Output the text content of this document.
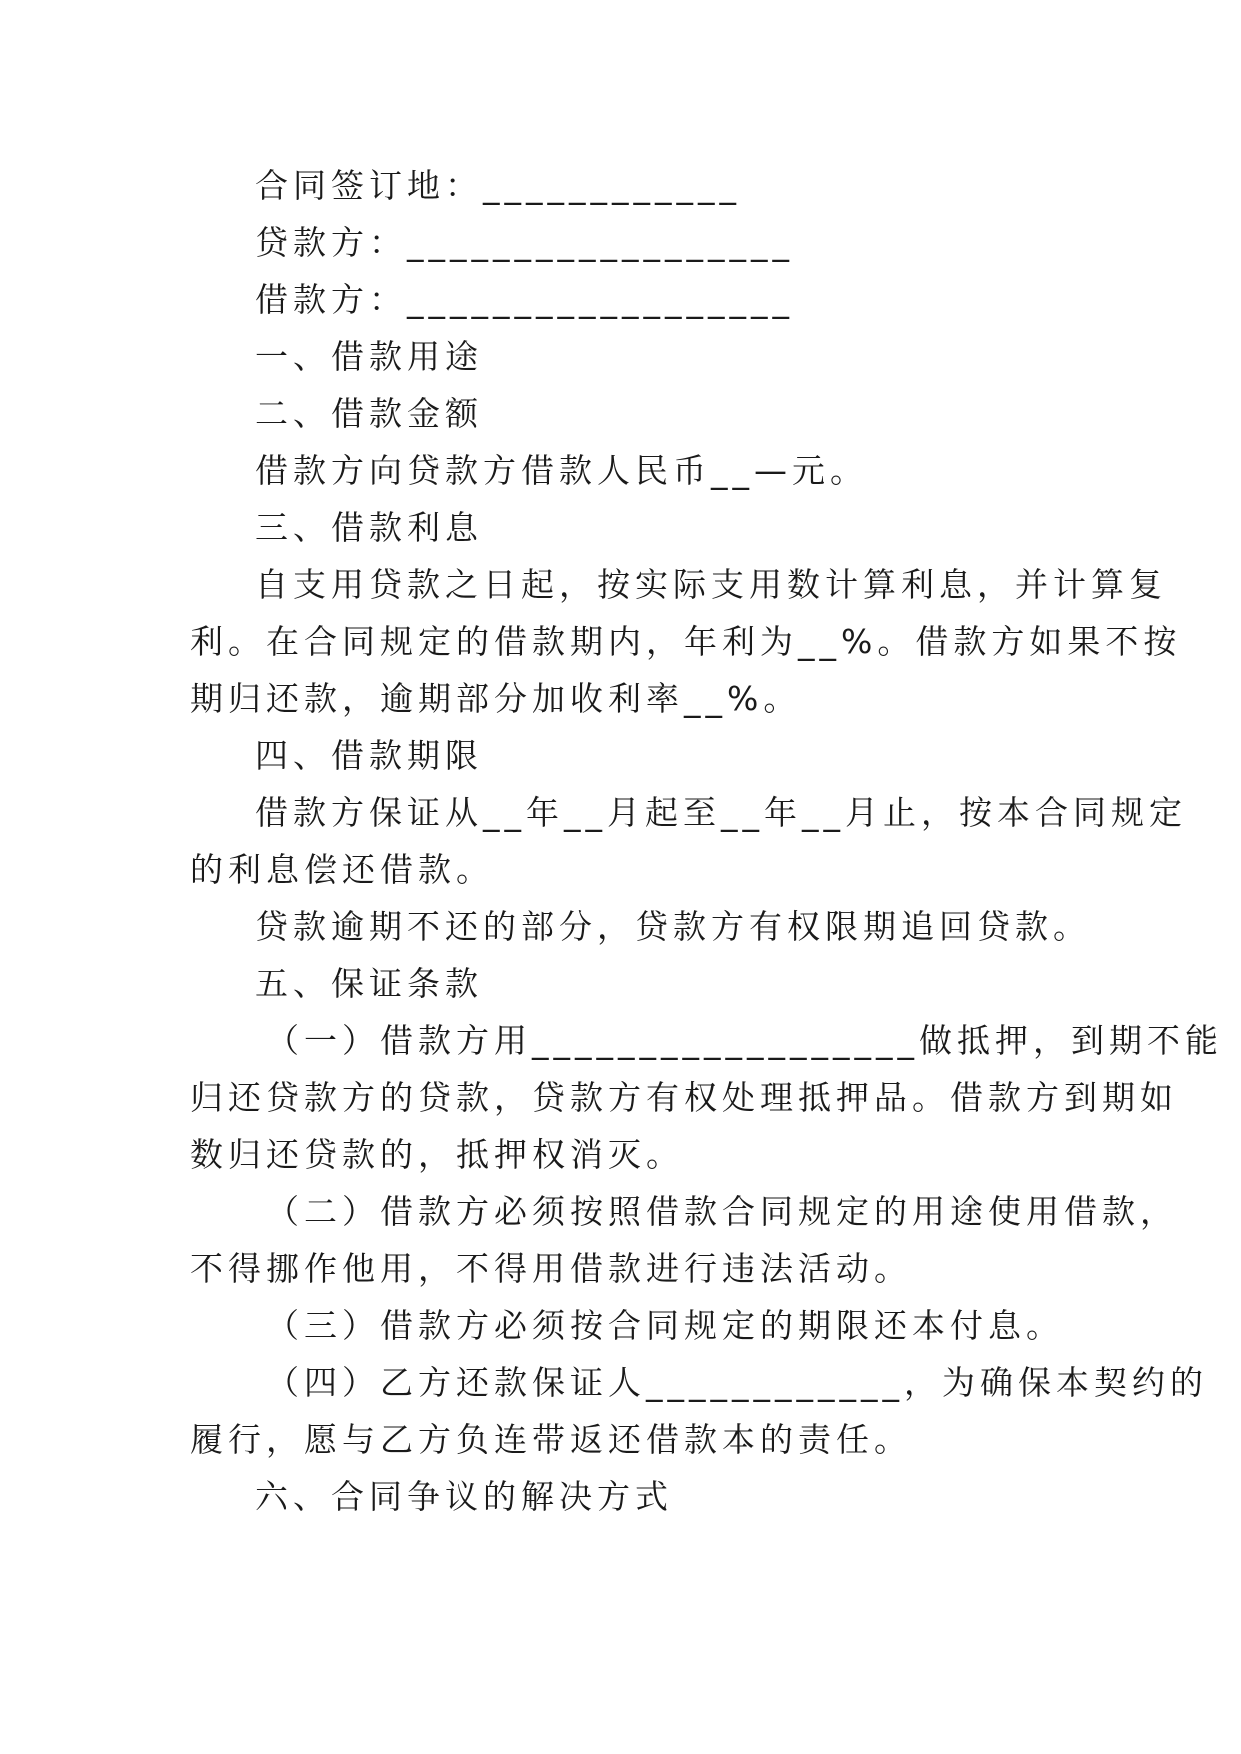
合同签订地：____________
贷款方：__________________
借款方：__________________
一、借款用途
二、借款金额
借款方向贷款方借款人民币__—元。
三、借款利息
自支用贷款之日起，按实际支用数计算利息，并计算复
利。在合同规定的借款期内，年利为__%。借款方如果不按
期归还款，逾期部分加收利率__%。
四、借款期限
借款方保证从__年__月起至__年__月止，按本合同规定
的利息偿还借款。
贷款逾期不还的部分，贷款方有权限期追回贷款。
五、保证条款
（一）借款方用__________________做抵押，到期不能
归还贷款方的贷款，贷款方有权处理抵押品。借款方到期如
数归还贷款的，抵押权消灭。
（二）借款方必须按照借款合同规定的用途使用借款，
不得挪作他用，不得用借款进行违法活动。
（三）借款方必须按合同规定的期限还本付息。
（四）乙方还款保证人____________，为确保本契约的
履行，愿与乙方负连带返还借款本的责任。
六、合同争议的解决方式
